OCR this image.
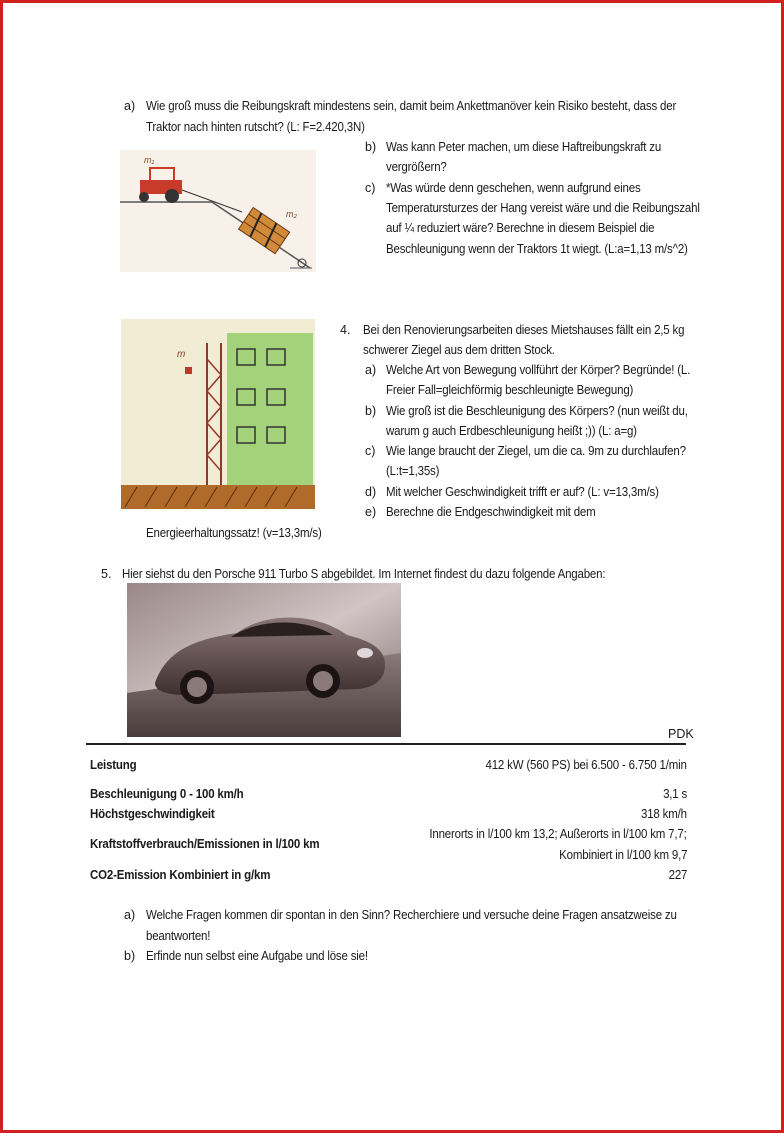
a) Wie groß muss die Reibungskraft mindestens sein, damit beim Ankettmanöver kein Risiko besteht, dass der
Traktor nach hinten rutscht? (L: F=2.420,3N)
m₁
m₂
b) Was kann Peter machen, um diese Haftreibungskraft zu
vergrößern?
c) *Was würde denn geschehen, wenn aufgrund eines
Temperatursturzes der Hang vereist wäre und die Reibungszahl
auf ¼ reduziert wäre? Berechne in diesem Beispiel die
Beschleunigung wenn der Traktors 1t wiegt. (L:a=1,13 m/s^2)
m
4. Bei den Renovierungsarbeiten dieses Mietshauses fällt ein 2,5 kg
schwerer Ziegel aus dem dritten Stock.
a) Welche Art von Bewegung vollführt der Körper? Begründe! (L.
Freier Fall=gleichförmig beschleunigte Bewegung)
b) Wie groß ist die Beschleunigung des Körpers? (nun weißt du,
warum g auch Erdbeschleunigung heißt ;)) (L: a=g)
c) Wie lange braucht der Ziegel, um die ca. 9m zu durchlaufen?
(L:t=1,35s)
d) Mit welcher Geschwindigkeit trifft er auf? (L: v=13,3m/s)
e) Berechne die Endgeschwindigkeit mit dem
Energieerhaltungssatz! (v=13,3m/s)
5. Hier siehst du den Porsche 911 Turbo S abgebildet. Im Internet findest du dazu folgende Angaben:
PDK
Leistung	412 kW (560 PS) bei 6.500 - 6.750 1/min
Beschleunigung 0 - 100 km/h	3,1 s
Höchstgeschwindigkeit	318 km/h
Kraftstoffverbrauch/Emissionen in l/100 km
Innerorts in l/100 km 13,2; Außerorts in l/100 km 7,7;
Kombiniert in l/100 km 9,7
CO2-Emission Kombiniert in g/km	227
a) Welche Fragen kommen dir spontan in den Sinn? Recherchiere und versuche deine Fragen ansatzweise zu
beantworten!
b) Erfinde nun selbst eine Aufgabe und löse sie!
